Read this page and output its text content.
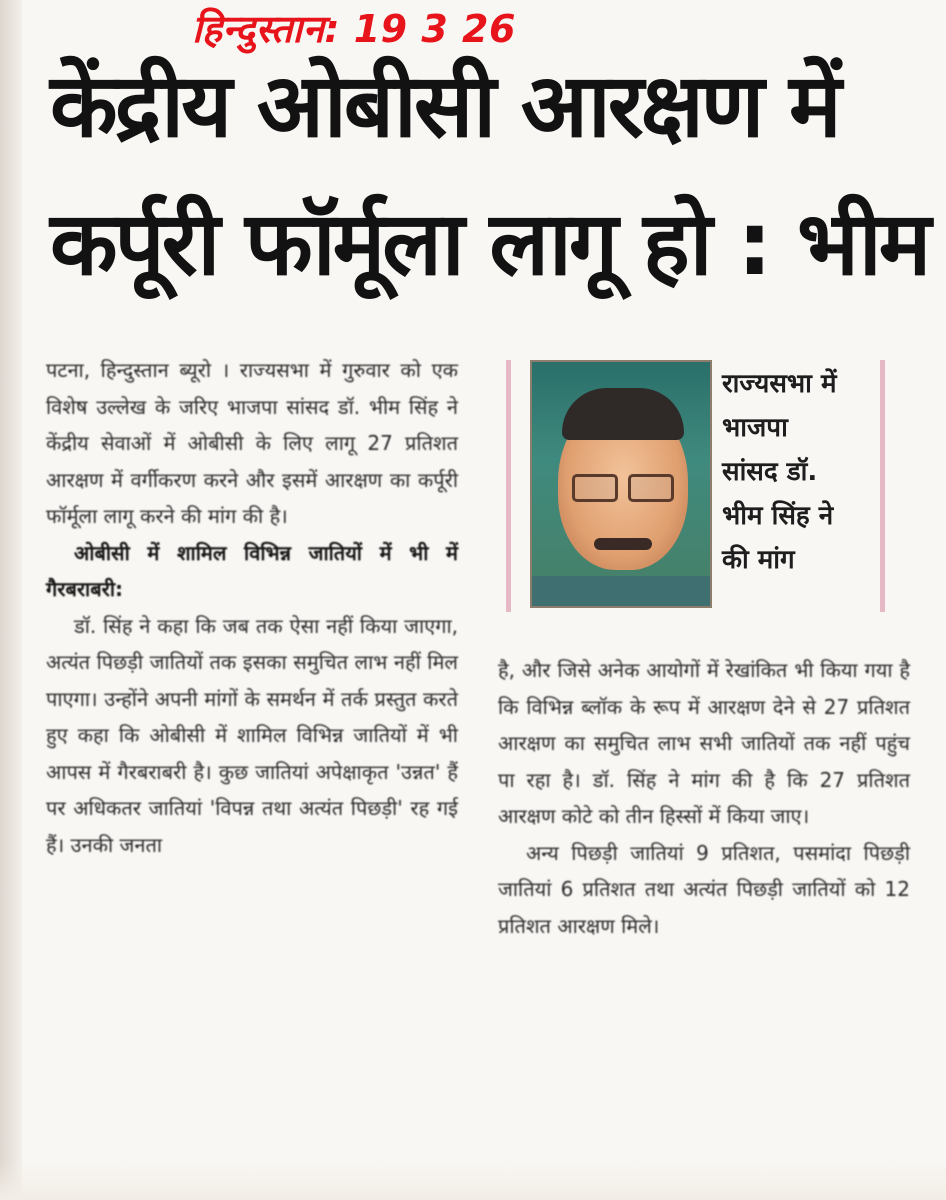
हिन्दुस्तान: 19 3 26
केंद्रीय ओबीसी आरक्षण में
कर्पूरी फॉर्मूला लागू हो : भीम

पटना, हिन्दुस्तान ब्यूरो । राज्यसभा में गुरुवार को एक विशेष उल्लेख के जरिए भाजपा सांसद डॉ. भीम सिंह ने केंद्रीय सेवाओं में ओबीसी के लिए लागू 27 प्रतिशत आरक्षण में वर्गीकरण करने और इसमें आरक्षण का कर्पूरी फॉर्मूला लागू करने की मांग की है।

ओबीसी में शामिल विभिन्न जातियों में भी में गैरबराबरी:

डॉ. सिंह ने कहा कि जब तक ऐसा नहीं किया जाएगा, अत्यंत पिछड़ी जातियों तक इसका समुचित लाभ नहीं मिल पाएगा। उन्होंने अपनी मांगों के समर्थन में तर्क प्रस्तुत करते हुए कहा कि ओबीसी में शामिल विभिन्न जातियों में भी आपस में गैरबराबरी है। कुछ जातियां अपेक्षाकृत 'उन्नत' हैं पर अधिकतर जातियां 'विपन्न तथा अत्यंत पिछड़ी' रह गई हैं। उनकी जनता

राज्यसभा में
भाजपा
सांसद डॉ.
भीम सिंह ने
की मांग

है, और जिसे अनेक आयोगों में रेखांकित भी किया गया है कि विभिन्न ब्लॉक के रूप में आरक्षण देने से 27 प्रतिशत आरक्षण का समुचित लाभ सभी जातियों तक नहीं पहुंच पा रहा है। डॉ. सिंह ने मांग की है कि 27 प्रतिशत आरक्षण कोटे को तीन हिस्सों में किया जाए।

अन्य पिछड़ी जातियां 9 प्रतिशत, पसमांदा पिछड़ी जातियां 6 प्रतिशत तथा अत्यंत पिछड़ी जातियों को 12 प्रतिशत आरक्षण मिले।
